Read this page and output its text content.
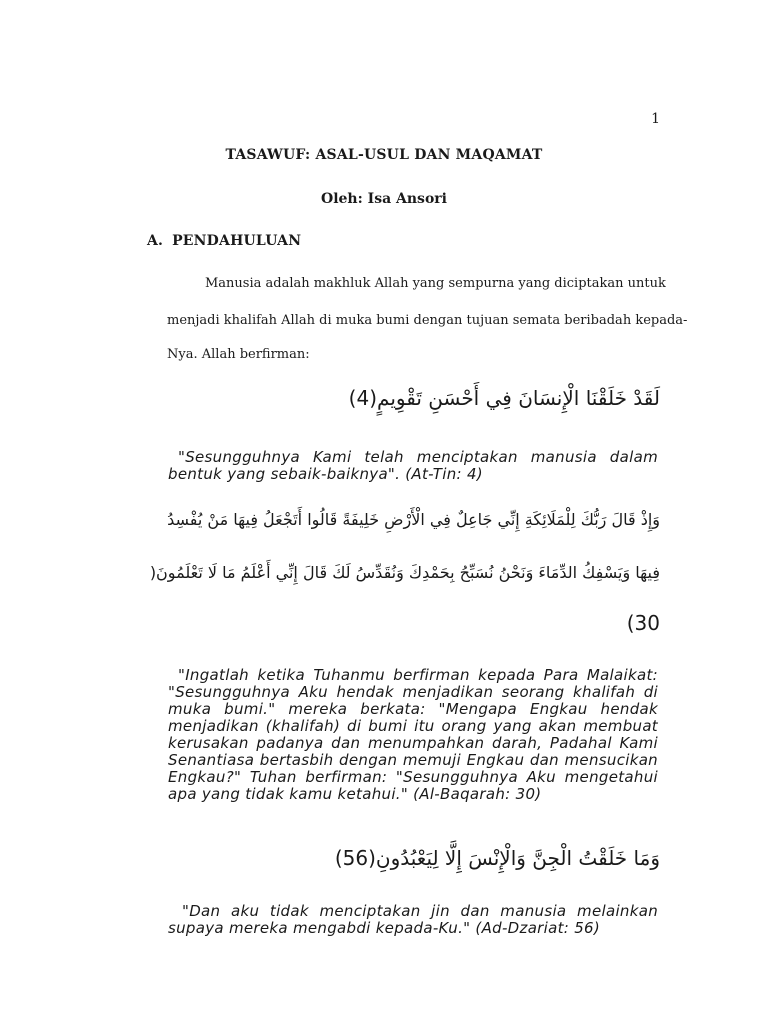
1
TASAWUF: ASAL-USUL DAN MAQAMAT
Oleh: Isa Ansori
A. PENDAHULUAN
Manusia adalah makhluk Allah yang sempurna yang diciptakan untuk
menjadi khalifah Allah di muka bumi dengan tujuan semata beribadah kepada-
Nya. Allah berfirman:
لَقَدْ خَلَقْنَا الْإِنسَانَ فِي أَحْسَنِ تَقْوِيمٍ(4)
"Sesungguhnya Kami telah menciptakan manusia dalam
bentuk yang sebaik-baiknya". (At-Tin: 4)
وَإِذْ قَالَ رَبُّكَ لِلْمَلَائِكَةِ إِنِّي جَاعِلٌ فِي الْأَرْضِ خَلِيفَةً قَالُوا أَتَجْعَلُ فِيهَا مَنْ يُفْسِدُ
فِيهَا وَيَسْفِكُ الدِّمَاءَ وَنَحْنُ نُسَبِّحُ بِحَمْدِكَ وَنُقَدِّسُ لَكَ قَالَ إِنِّي أَعْلَمُ مَا لَا تَعْلَمُونَ(
(30
"Ingatlah ketika Tuhanmu berfirman kepada Para Malaikat:
"Sesungguhnya Aku hendak menjadikan seorang khalifah di
muka bumi." mereka berkata: "Mengapa Engkau hendak
menjadikan (khalifah) di bumi itu orang yang akan membuat
kerusakan padanya dan menumpahkan darah, Padahal Kami
Senantiasa bertasbih dengan memuji Engkau dan mensucikan
Engkau?" Tuhan berfirman: "Sesungguhnya Aku mengetahui
apa yang tidak kamu ketahui." (Al-Baqarah: 30)
وَمَا خَلَقْتُ الْجِنَّ وَالْإِنْسَ إِلَّا لِيَعْبُدُونِ(56)
"Dan aku tidak menciptakan jin dan manusia melainkan
supaya mereka mengabdi kepada-Ku." (Ad-Dzariat: 56)
